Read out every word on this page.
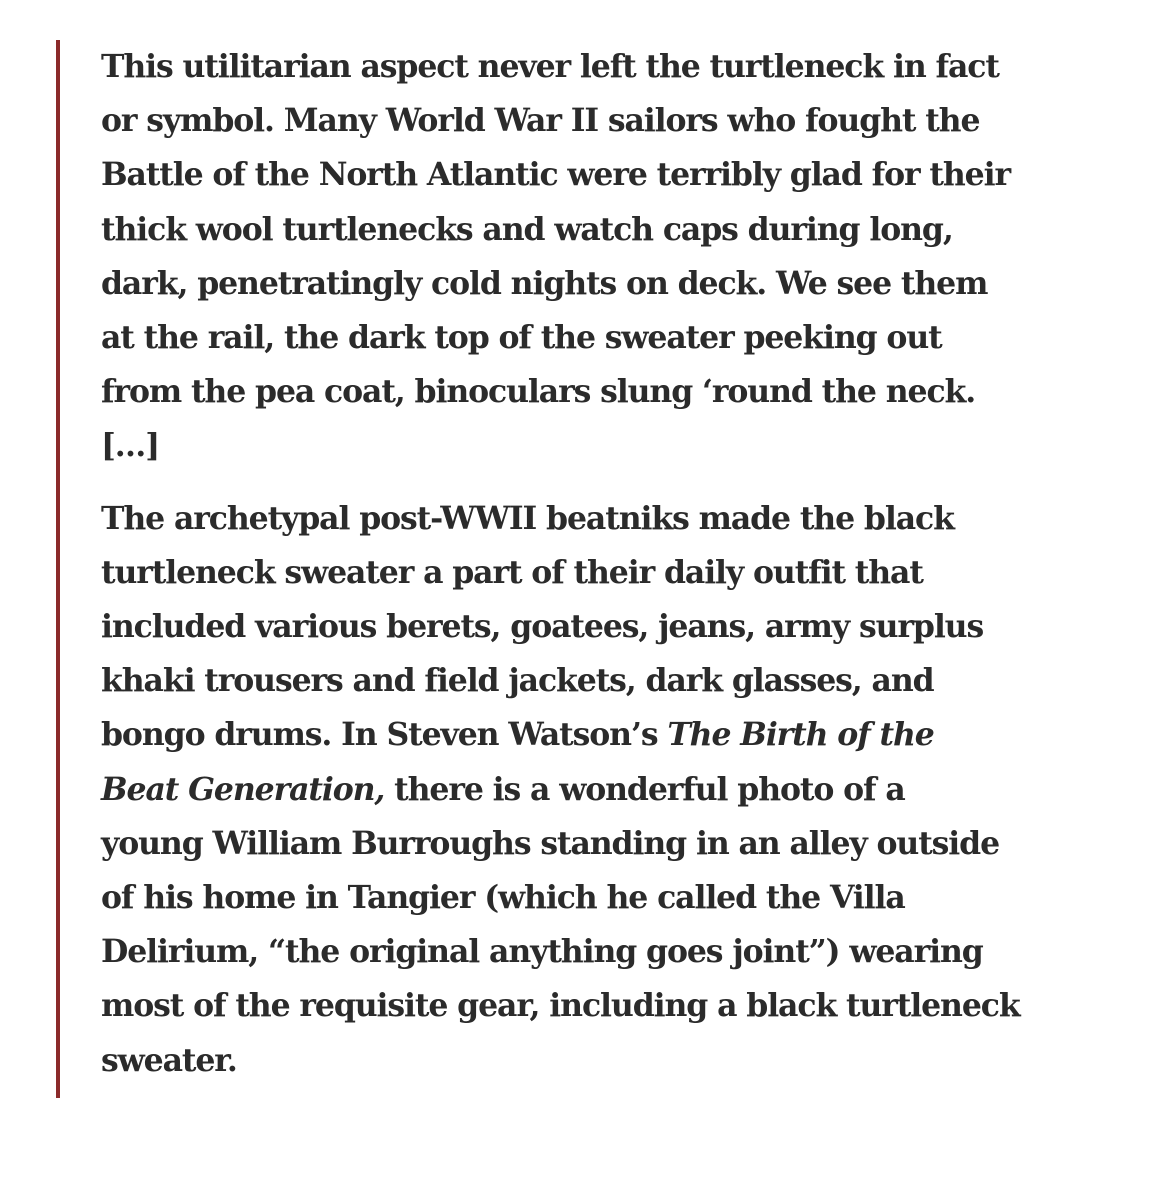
This utilitarian aspect never left the turtleneck in fact
or symbol. Many World War II sailors who fought the
Battle of the North Atlantic were terribly glad for their
thick wool turtlenecks and watch caps during long,
dark, penetratingly cold nights on deck. We see them
at the rail, the dark top of the sweater peeking out
from the pea coat, binoculars slung ‘round the neck.
[…]

The archetypal post-WWII beatniks made the black
turtleneck sweater a part of their daily outfit that
included various berets, goatees, jeans, army surplus
khaki trousers and field jackets, dark glasses, and
bongo drums. In Steven Watson’s The Birth of the
Beat Generation, there is a wonderful photo of a
young William Burroughs standing in an alley outside
of his home in Tangier (which he called the Villa
Delirium, “the original anything goes joint”) wearing
most of the requisite gear, including a black turtleneck
sweater.
